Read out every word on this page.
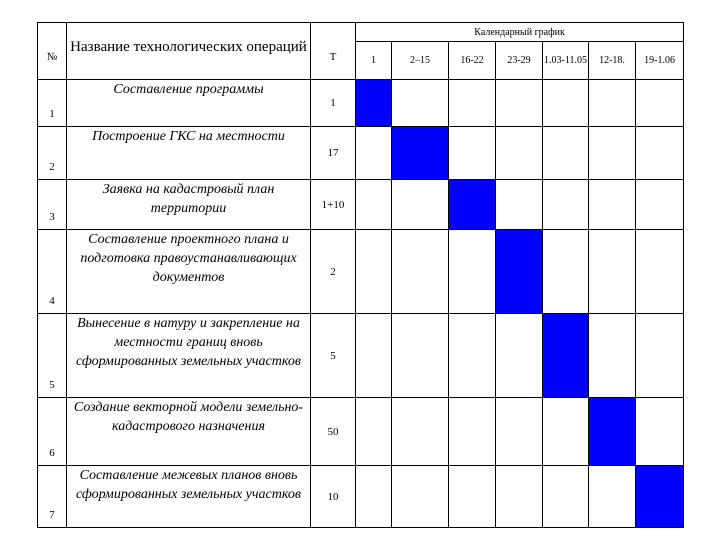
№	Название технологических операций	T	Календарный график						
			1	2–15	16-22	23-29	1.03-11.05	12-18.	19-1.06
1	Составление программы	1							
2	Построение ГКС на местности	17							
3	Заявка на кадастровый план территории	1+10							
4	Составление проектного плана и подготовка правоустанавливающих документов	2							
5	Вынесение в натуру и закрепление на местности границ вновь сформированных земельных участков	5							
6	Создание векторной модели земельно-кадастрового назначения	50							
7	Составление межевых планов вновь сформированных земельных участков	10							
